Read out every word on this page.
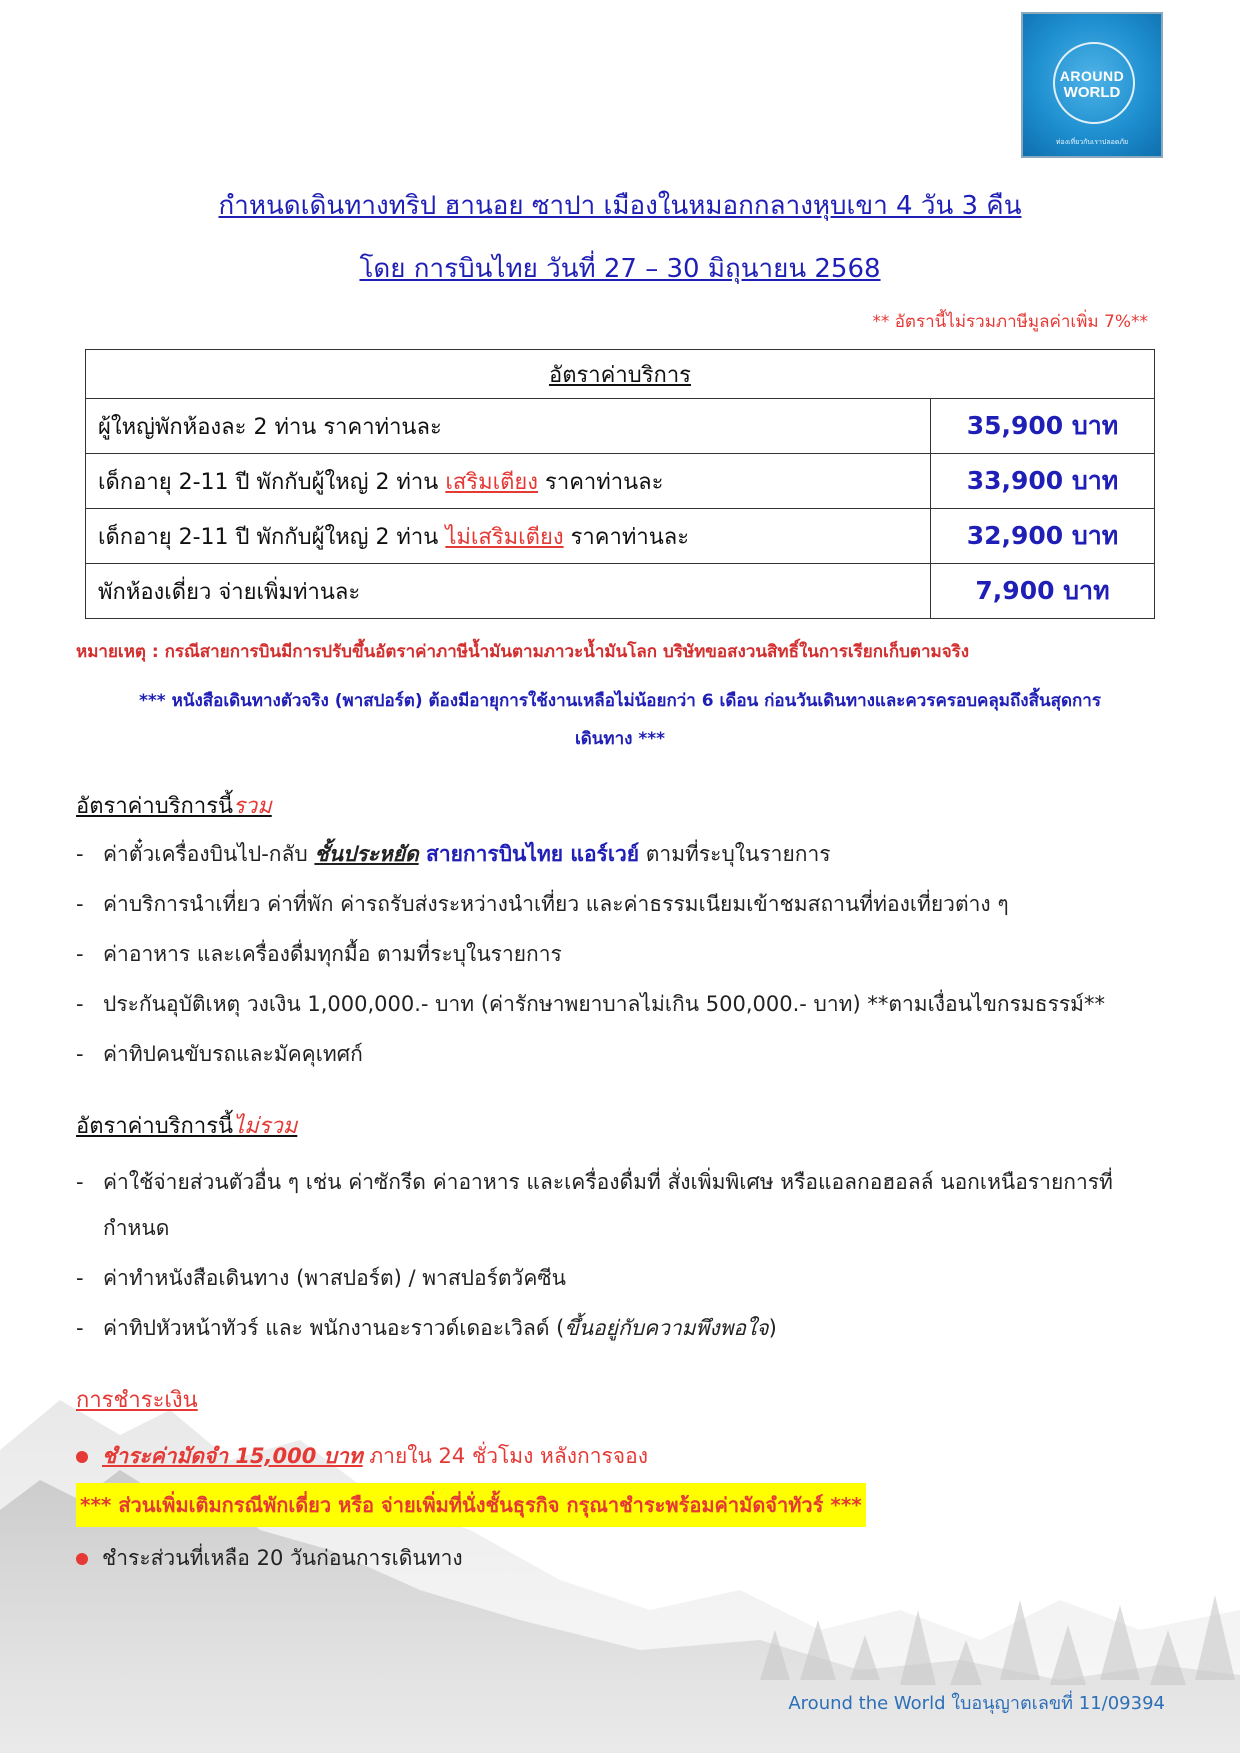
AROUND
WORLD
ท่องเที่ยวกับเราปลอดภัย
กำหนดเดินทางทริป ฮานอย ซาปา เมืองในหมอกกลางหุบเขา 4 วัน 3 คืน
โดย การบินไทย วันที่ 27 – 30 มิถุนายน 2568
** อัตรานี้ไม่รวมภาษีมูลค่าเพิ่ม 7%**
อัตราค่าบริการ	
ผู้ใหญ่พักห้องละ 2 ท่าน ราคาท่านละ	35,900 บาท
เด็กอายุ 2-11 ปี พักกับผู้ใหญ่ 2 ท่าน เสริมเตียง ราคาท่านละ	33,900 บาท
เด็กอายุ 2-11 ปี พักกับผู้ใหญ่ 2 ท่าน ไม่เสริมเตียง ราคาท่านละ	32,900 บาท
พักห้องเดี่ยว จ่ายเพิ่มท่านละ	7,900 บาท
หมายเหตุ : กรณีสายการบินมีการปรับขึ้นอัตราค่าภาษีน้ำมันตามภาวะน้ำมันโลก บริษัทขอสงวนสิทธิ์ในการเรียกเก็บตามจริง
*** หนังสือเดินทางตัวจริง (พาสปอร์ต) ต้องมีอายุการใช้งานเหลือไม่น้อยกว่า 6 เดือน ก่อนวันเดินทางและควรครอบคลุมถึงสิ้นสุดการ
เดินทาง ***
อัตราค่าบริการนี้รวม
- ค่าตั๋วเครื่องบินไป-กลับ ชั้นประหยัด สายการบินไทย แอร์เวย์ ตามที่ระบุในรายการ
- ค่าบริการนำเที่ยว ค่าที่พัก ค่ารถรับส่งระหว่างนำเที่ยว และค่าธรรมเนียมเข้าชมสถานที่ท่องเที่ยวต่าง ๆ
- ค่าอาหาร และเครื่องดื่มทุกมื้อ ตามที่ระบุในรายการ
- ประกันอุบัติเหตุ วงเงิน 1,000,000.- บาท (ค่ารักษาพยาบาลไม่เกิน 500,000.- บาท) **ตามเงื่อนไขกรมธรรม์**
- ค่าทิปคนขับรถและมัคคุเทศก์
อัตราค่าบริการนี้ไม่รวม
- ค่าใช้จ่ายส่วนตัวอื่น ๆ เช่น ค่าซักรีด ค่าอาหาร และเครื่องดื่มที่ สั่งเพิ่มพิเศษ หรือแอลกอฮอลล์ นอกเหนือรายการที่
กำหนด
- ค่าทำหนังสือเดินทาง (พาสปอร์ต) / พาสปอร์ตวัคซีน
- ค่าทิปหัวหน้าทัวร์ และ พนักงานอะราวด์เดอะเวิลด์ (ขึ้นอยู่กับความพึงพอใจ)
การชำระเงิน
ชำระค่ามัดจำ 15,000 บาท ภายใน 24 ชั่วโมง หลังการจอง
*** ส่วนเพิ่มเติมกรณีพักเดี่ยว หรือ จ่ายเพิ่มที่นั่งชั้นธุรกิจ กรุณาชำระพร้อมค่ามัดจำทัวร์ ***
ชำระส่วนที่เหลือ 20 วันก่อนการเดินทาง
Around the World ใบอนุญาตเลขที่ 11/09394
